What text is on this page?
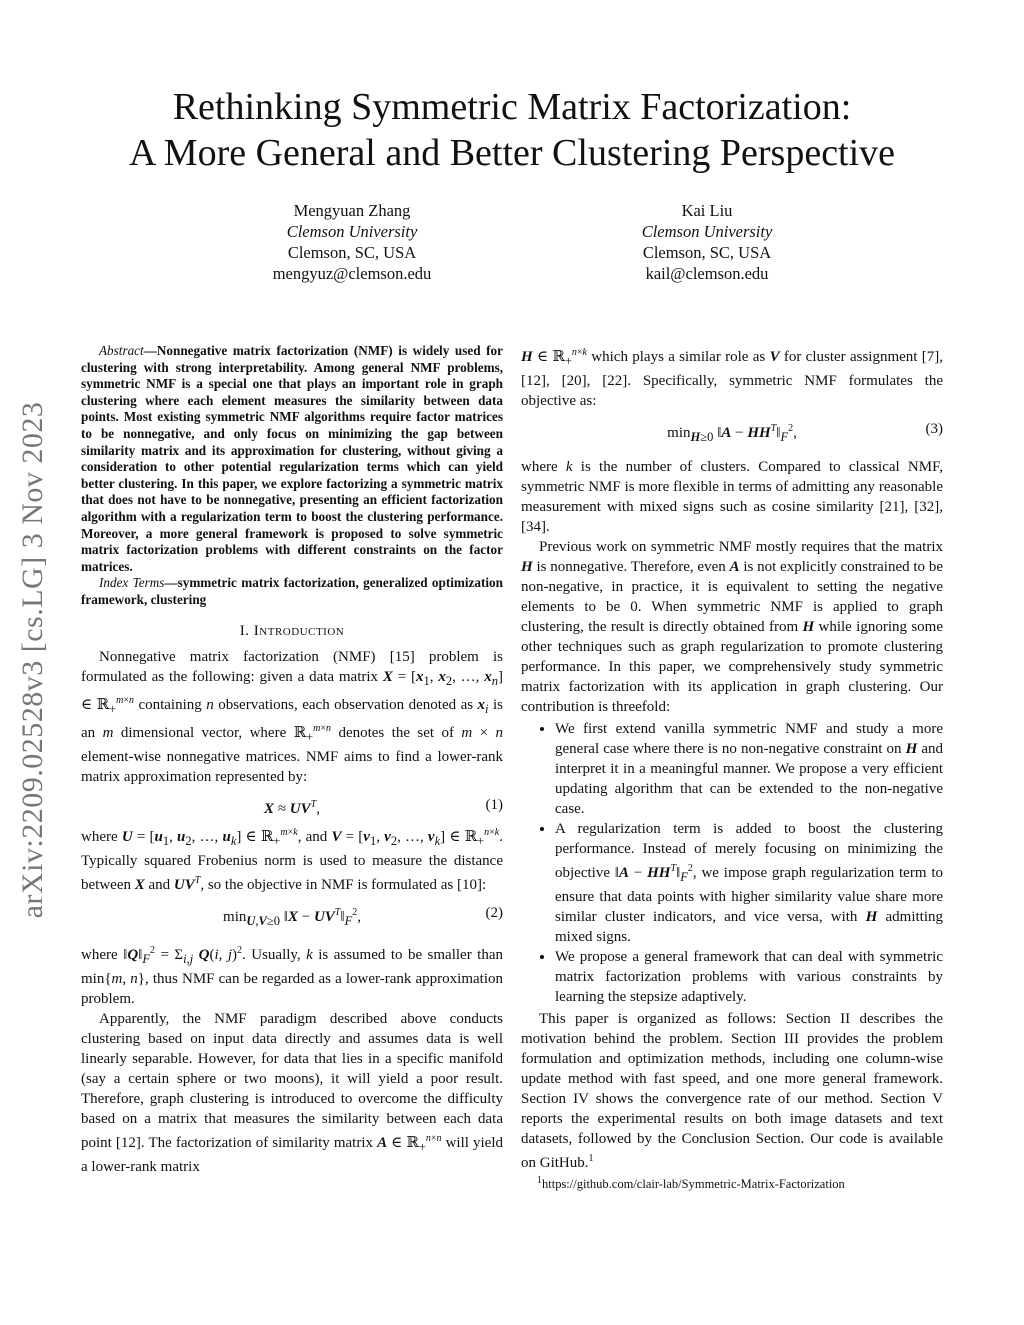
arXiv:2209.02528v3 [cs.LG] 3 Nov 2023
Rethinking Symmetric Matrix Factorization:
A More General and Better Clustering Perspective
Mengyuan Zhang
Clemson University
Clemson, SC, USA
mengyuz@clemson.edu
Kai Liu
Clemson University
Clemson, SC, USA
kail@clemson.edu

Abstract—Nonnegative matrix factorization (NMF) is widely used for clustering with strong interpretability. Among general NMF problems, symmetric NMF is a special one that plays an important role in graph clustering where each element measures the similarity between data points. Most existing symmetric NMF algorithms require factor matrices to be nonnegative, and only focus on minimizing the gap between similarity matrix and its approximation for clustering, without giving a consideration to other potential regularization terms which can yield better clustering. In this paper, we explore factorizing a symmetric matrix that does not have to be nonnegative, presenting an efficient factorization algorithm with a regularization term to boost the clustering performance. Moreover, a more general framework is proposed to solve symmetric matrix factorization problems with different constraints on the factor matrices.

Index Terms—symmetric matrix factorization, generalized optimization framework, clustering

I. Introduction

Nonnegative matrix factorization (NMF) [15] problem is formulated as the following: given a data matrix $X = [x_1$, $x_2$, …, $x_n$] ∈ ℝ$_+^{m\times n}$ containing n observations, each observation denoted as $x_i$ is an m dimensional vector, where ℝ$_+^{m\times n}$ denotes the set of m × n element-wise nonnegative matrices. NMF aims to find a lower-rank matrix approximation represented by:

$X \approx UV^T$,	(1)

where $U = [u_1$, $u_2$, …, $u_k$] ∈ ℝ$_+^{m\times k}$, and $V = [v_1$, $v_2$, …, $v_k$] ∈ ℝ$_+^{n\times k}$. Typically squared Frobenius norm is used to measure the distance between X and $UV^T$, so the objective in NMF is formulated as [10]:

$\min_{U,V\ge 0}$ ‖X − $UV^T‖_F^2$,	(2)

where $‖Q‖_F^2 = \Sigma_{i,j}$ Q(i, j)$^2$. Usually, k is assumed to be smaller than min{m, n}, thus NMF can be regarded as a lower-rank approximation problem.

Apparently, the NMF paradigm described above conducts clustering based on input data directly and assumes data is well linearly separable. However, for data that lies in a specific manifold (say a certain sphere or two moons), it will yield a poor result. Therefore, graph clustering is introduced to overcome the difficulty based on a matrix that measures the similarity between each data point [12]. The factorization of similarity matrix A ∈ ℝ$_+^{n\times n}$ will yield a lower-rank matrix

H ∈ ℝ$_+^{n\times k}$ which plays a similar role as V for cluster assignment [7], [12], [20], [22]. Specifically, symmetric NMF formulates the objective as:

$\min_{H\ge 0}$ ‖A − $HH^T‖_F^2$,	(3)

where k is the number of clusters. Compared to classical NMF, symmetric NMF is more flexible in terms of admitting any reasonable measurement with mixed signs such as cosine similarity [21], [32], [34].

Previous work on symmetric NMF mostly requires that the matrix H is nonnegative. Therefore, even A is not explicitly constrained to be non-negative, in practice, it is equivalent to setting the negative elements to be 0. When symmetric NMF is applied to graph clustering, the result is directly obtained from H while ignoring some other techniques such as graph regularization to promote clustering performance. In this paper, we comprehensively study symmetric matrix factorization with its application in graph clustering. Our contribution is threefold:

• We first extend vanilla symmetric NMF and study a more general case where there is no non-negative constraint on H and interpret it in a meaningful manner. We propose a very efficient updating algorithm that can be extended to the non-negative case.
• A regularization term is added to boost the clustering performance. Instead of merely focusing on minimizing the objective ‖A − $HH^T‖_F^2$, we impose graph regularization term to ensure that data points with higher similarity value share more similar cluster indicators, and vice versa, with H admitting mixed signs.
• We propose a general framework that can deal with symmetric matrix factorization problems with various constraints by learning the stepsize adaptively.

This paper is organized as follows: Section II describes the motivation behind the problem. Section III provides the problem formulation and optimization methods, including one column-wise update method with fast speed, and one more general framework. Section IV shows the convergence rate of our method. Section V reports the experimental results on both image datasets and text datasets, followed by the Conclusion Section. Our code is available on GitHub.$^1$

$^1$https://github.com/clair-lab/Symmetric-Matrix-Factorization
